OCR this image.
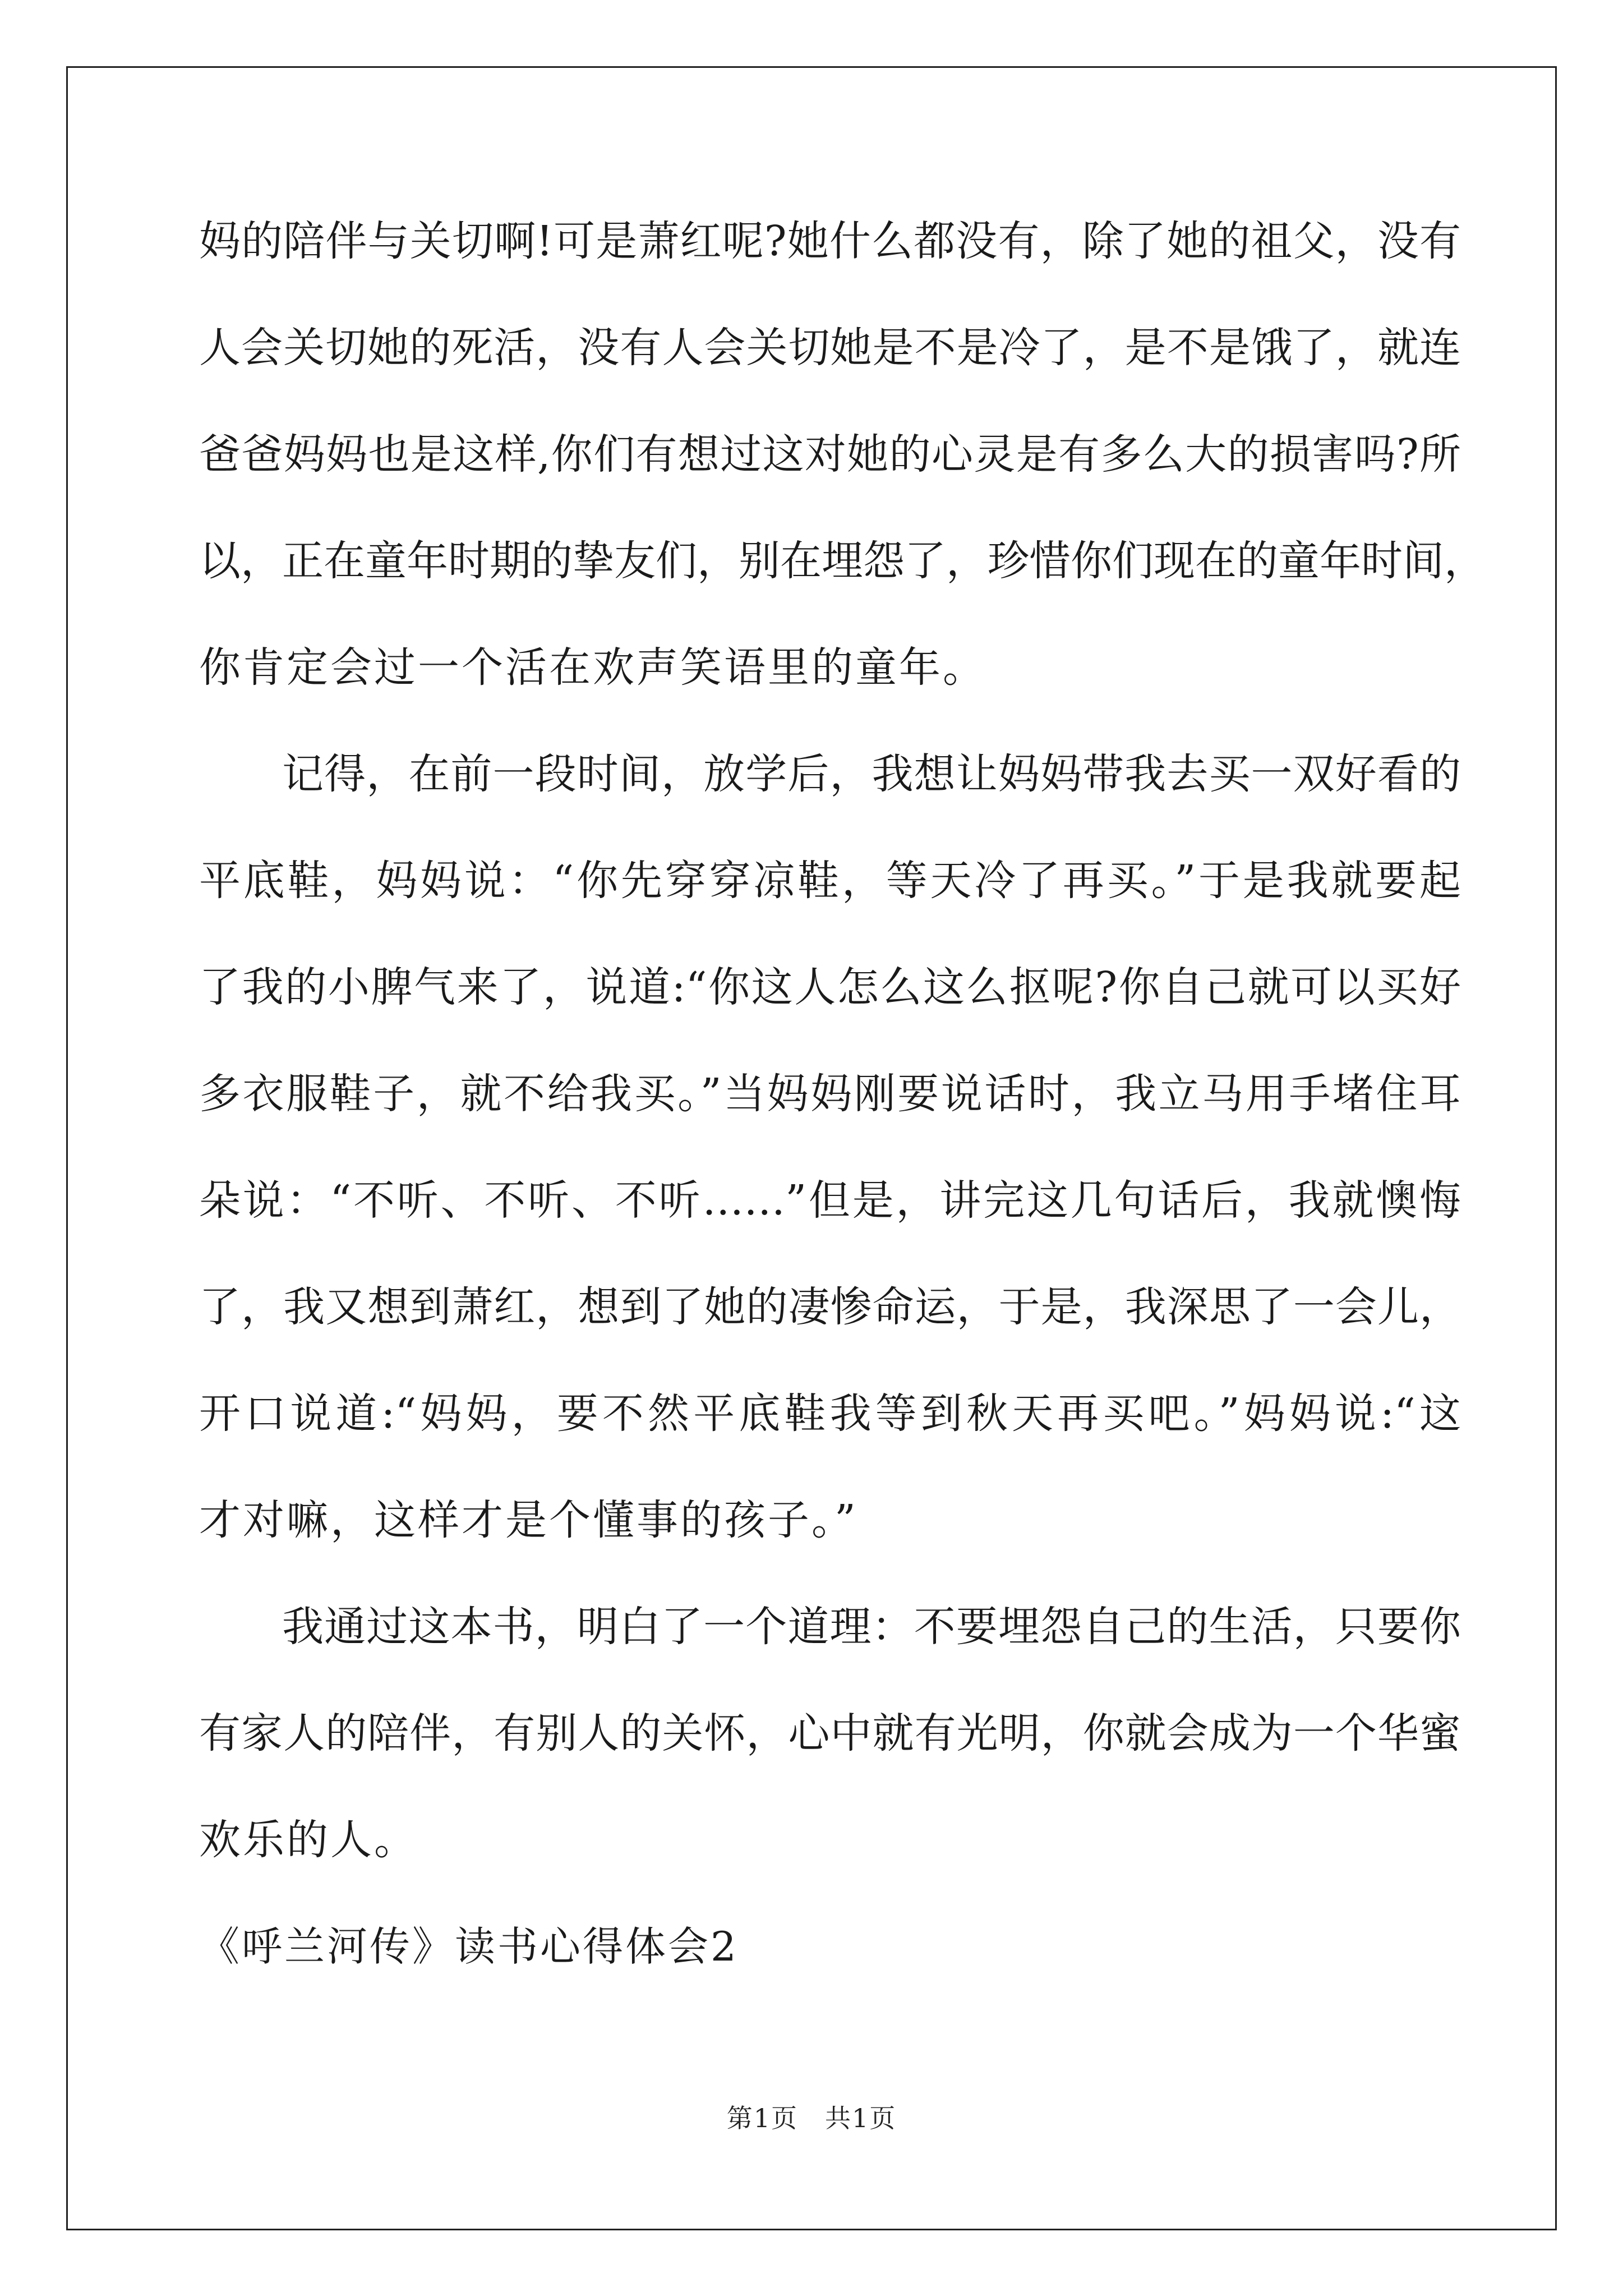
妈的陪伴与关切啊!可是萧红呢?她什么都没有，除了她的祖父，没有
人会关切她的死活，没有人会关切她是不是冷了，是不是饿了，就连
爸爸妈妈也是这样,你们有想过这对她的心灵是有多么大的损害吗?所
以，正在童年时期的挚友们，别在埋怨了，珍惜你们现在的童年时间，
你肯定会过一个活在欢声笑语里的童年。
记得，在前一段时间，放学后，我想让妈妈带我去买一双好看的
平底鞋，妈妈说：“你先穿穿凉鞋，等天冷了再买。”于是我就要起
了我的小脾气来了，说道:“你这人怎么这么抠呢?你自己就可以买好
多衣服鞋子，就不给我买。”当妈妈刚要说话时，我立马用手堵住耳
朵说：“不听、不听、不听……”但是，讲完这几句话后，我就懊悔
了，我又想到萧红，想到了她的凄惨命运，于是，我深思了一会儿，
开口说道:“妈妈，要不然平底鞋我等到秋天再买吧。”妈妈说:“这
才对嘛，这样才是个懂事的孩子。”
我通过这本书，明白了一个道理：不要埋怨自己的生活，只要你
有家人的陪伴，有别人的关怀，心中就有光明，你就会成为一个华蜜
欢乐的人。
《呼兰河传》读书心得体会2
第1页　共1页
